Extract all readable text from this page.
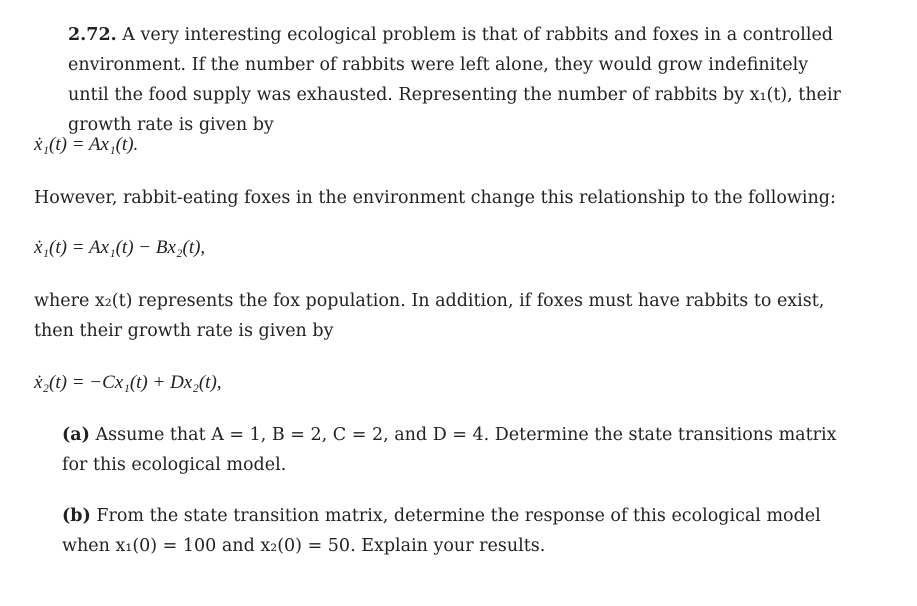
2.72. A very interesting ecological problem is that of rabbits and foxes in a controlled environment. If the number of rabbits were left alone, they would grow indefinitely until the food supply was exhausted. Representing the number of rabbits by x₁(t), their growth rate is given by
ẋ₁(t) = Ax₁(t).
However, rabbit-eating foxes in the environment change this relationship to the following:
ẋ₁(t) = Ax₁(t) − Bx₂(t),
where x₂(t) represents the fox population. In addition, if foxes must have rabbits to exist, then their growth rate is given by
ẋ₂(t) = −Cx₁(t) + Dx₂(t),
(a) Assume that A = 1, B = 2, C = 2, and D = 4. Determine the state transitions matrix for this ecological model.
(b) From the state transition matrix, determine the response of this ecological model when x₁(0) = 100 and x₂(0) = 50. Explain your results.
